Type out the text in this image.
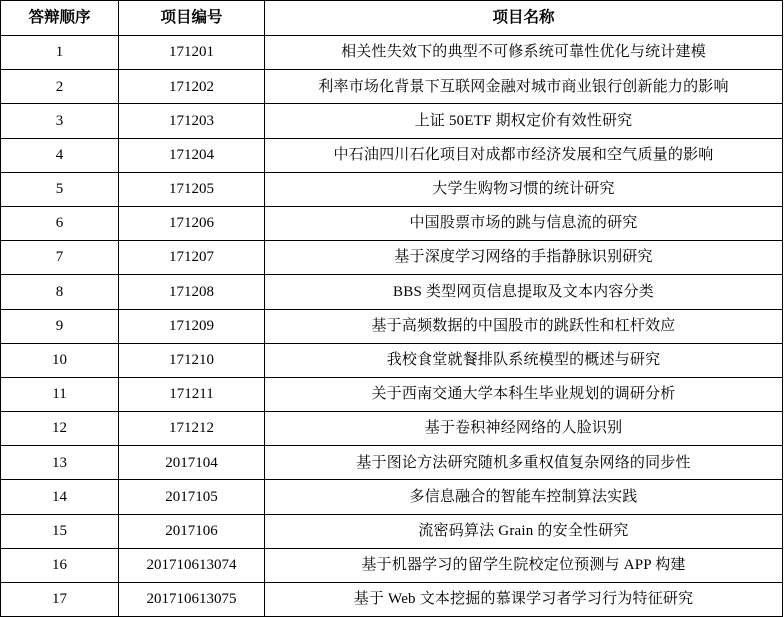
答辩顺序	项目编号	项目名称
1	171201	相关性失效下的典型不可修系统可靠性优化与统计建模
2	171202	利率市场化背景下互联网金融对城市商业银行创新能力的影响
3	171203	上证 50ETF 期权定价有效性研究
4	171204	中石油四川石化项目对成都市经济发展和空气质量的影响
5	171205	大学生购物习惯的统计研究
6	171206	中国股票市场的跳与信息流的研究
7	171207	基于深度学习网络的手指静脉识别研究
8	171208	BBS 类型网页信息提取及文本内容分类
9	171209	基于高频数据的中国股市的跳跃性和杠杆效应
10	171210	我校食堂就餐排队系统模型的概述与研究
11	171211	关于西南交通大学本科生毕业规划的调研分析
12	171212	基于卷积神经网络的人脸识别
13	2017104	基于图论方法研究随机多重权值复杂网络的同步性
14	2017105	多信息融合的智能车控制算法实践
15	2017106	流密码算法 Grain 的安全性研究
16	201710613074	基于机器学习的留学生院校定位预测与 APP 构建
17	201710613075	基于 Web 文本挖掘的慕课学习者学习行为特征研究
